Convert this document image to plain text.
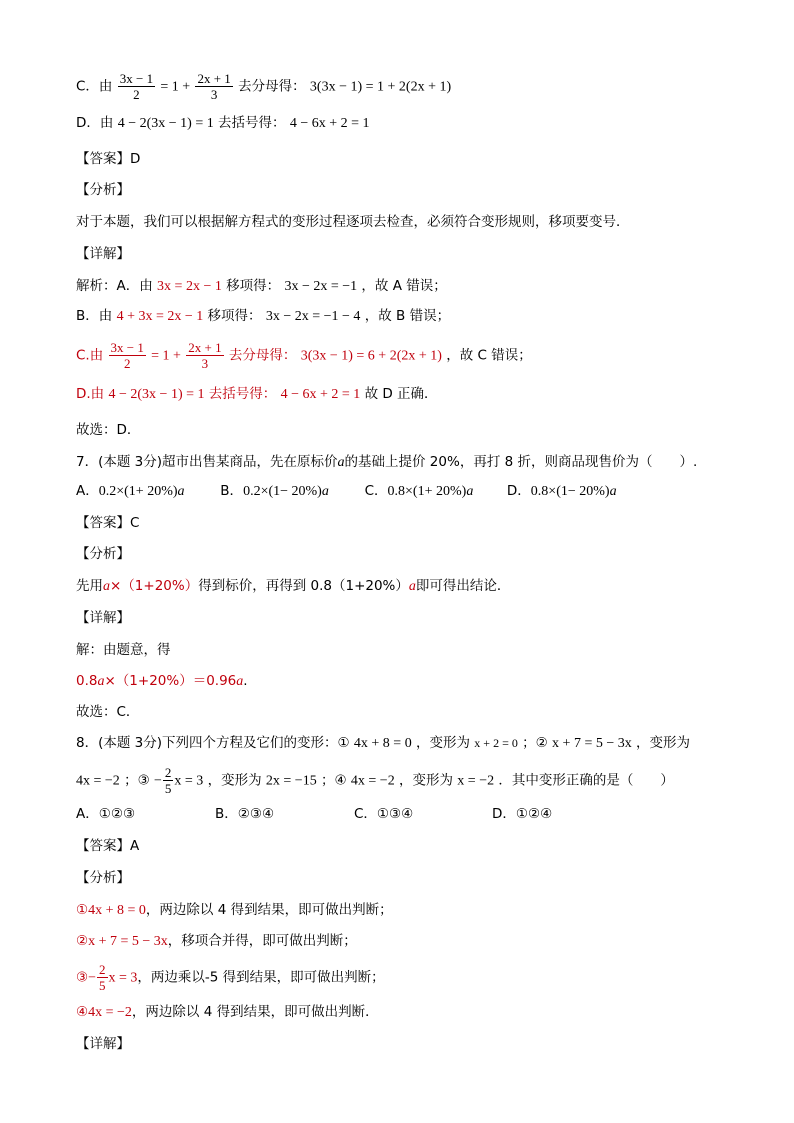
C．由 $\frac{3x - 1}{2} = 1 + \frac{2x + 1}{3}$ 去分母得： 3(3x − 1) = 1 + 2(2x + 1)
D．由 4 − 2(3x − 1) = 1 去括号得： 4 − 6x + 2 = 1
【答案】D
【分析】
对于本题，我们可以根据解方程式的变形过程逐项去检查，必须符合变形规则，移项要变号．
【详解】
解析：A．由 3x = 2x − 1 移项得： 3x − 2x = −1 ，故 A 错误；
B．由 4 + 3x = 2x − 1 移项得： 3x − 2x = −1 − 4 ，故 B 错误；
C.由 $\frac{3x - 1}{2} = 1 + \frac{2x + 1}{3}$ 去分母得： 3(3x − 1) = 6 + 2(2x + 1) ，故 C 错误；
D.由 4 − 2(3x − 1) = 1 去括号得： 4 − 6x + 2 = 1 故 D 正确．
故选：D．
7．(本题 3分)超市出售某商品，先在原标价a的基础上提价 20%，再打 8 折，则商品现售价为（　　）.
A．0.2×(1+ 20%)a	B．0.2×(1− 20%)a	C．0.8×(1+ 20%)a D．0.8×(1− 20%)a
【答案】C
【分析】
先用a×（1+20%）得到标价，再得到 0.8（1+20%）a即可得出结论．
【详解】
解：由题意，得
0.8a×（1+20%）＝0.96a.
故选：C．
8．(本题 3分)下列四个方程及它们的变形：① 4x + 8 = 0 ，变形为 x + 2 = 0 ；② x + 7 = 5 − 3x ，变形为
4x = −2 ；③ − $\frac{2}{5}$ x = 3 ，变形为 2x = −15 ；④ 4x = −2 ，变形为 x = −2 ．其中变形正确的是（　　）
A．①②③	B．②③④	C．①③④	D．①②④
【答案】A
【分析】
①4x + 8 = 0，两边除以 4 得到结果，即可做出判断；
②x + 7 = 5 − 3x，移项合并得，即可做出判断；
③− $\frac{2}{5}$ x = 3，两边乘以-5 得到结果，即可做出判断；
④4x = −2，两边除以 4 得到结果，即可做出判断．
【详解】
